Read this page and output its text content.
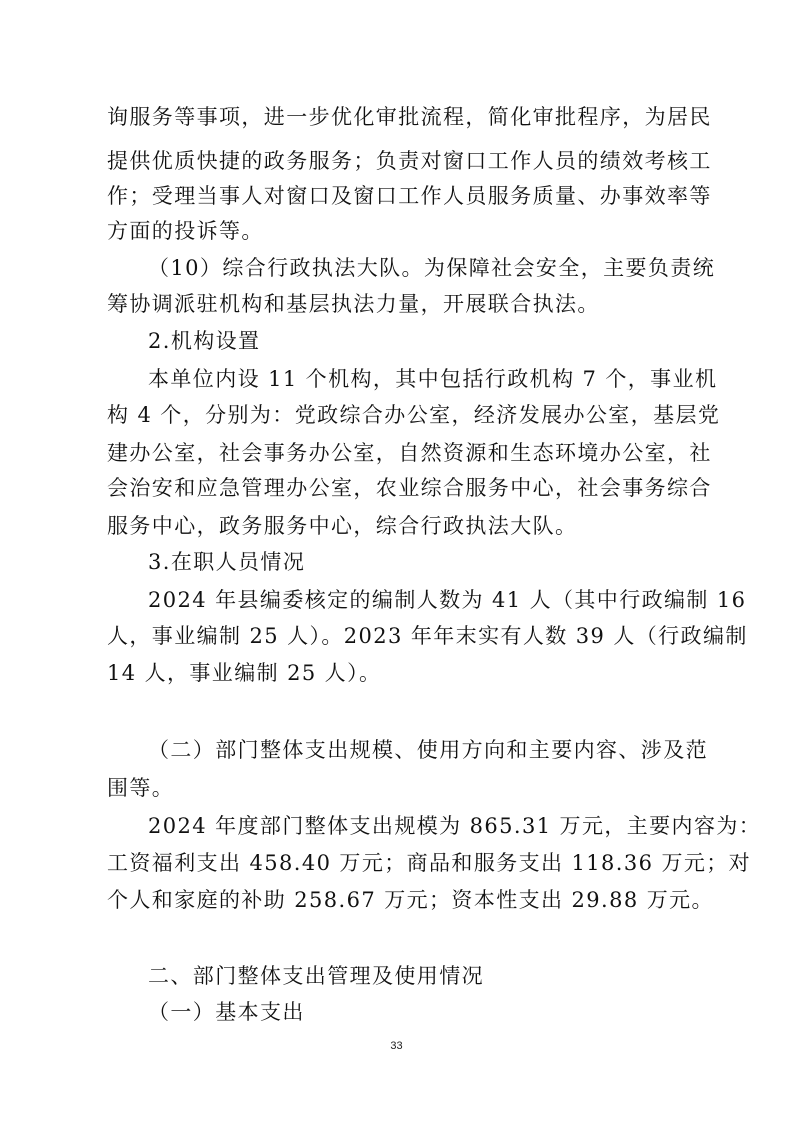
询服务等事项，进一步优化审批流程，简化审批程序，为居民
提供优质快捷的政务服务；负责对窗口工作人员的绩效考核工
作；受理当事人对窗口及窗口工作人员服务质量、办事效率等
方面的投诉等。
（10）综合行政执法大队。为保障社会安全，主要负责统
筹协调派驻机构和基层执法力量，开展联合执法。
2.机构设置
本单位内设 11 个机构，其中包括行政机构 7 个，事业机
构 4 个，分别为：党政综合办公室，经济发展办公室，基层党
建办公室，社会事务办公室，自然资源和生态环境办公室，社
会治安和应急管理办公室，农业综合服务中心，社会事务综合
服务中心，政务服务中心，综合行政执法大队。
3.在职人员情况
2024 年县编委核定的编制人数为 41 人（其中行政编制 16
人，事业编制 25 人）。2023 年年末实有人数 39 人（行政编制
14 人，事业编制 25 人）。
（二）部门整体支出规模、使用方向和主要内容、涉及范
围等。
2024 年度部门整体支出规模为 865.31 万元，主要内容为：
工资福利支出 458.40 万元；商品和服务支出 118.36 万元；对
个人和家庭的补助 258.67 万元；资本性支出 29.88 万元。
二、部门整体支出管理及使用情况
（一）基本支出
33
